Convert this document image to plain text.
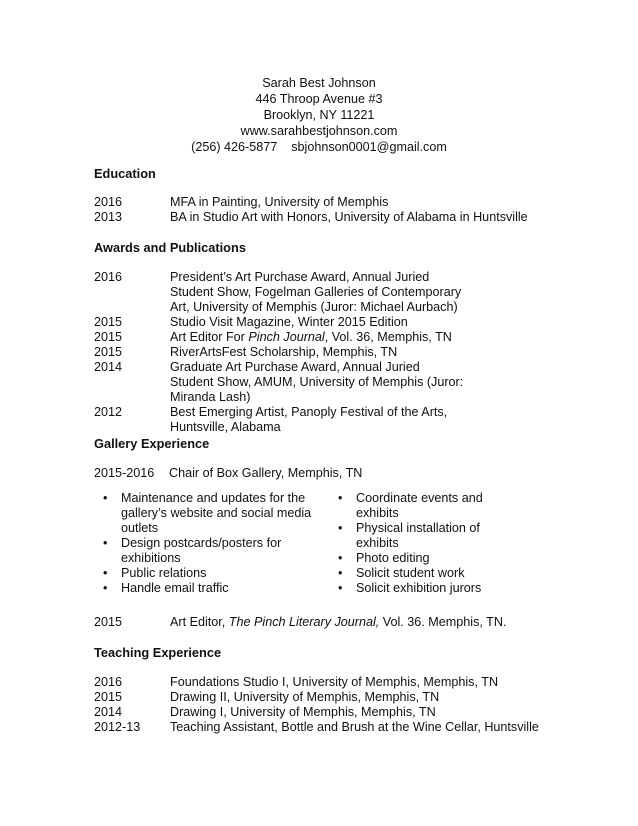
Sarah Best Johnson
446 Throop Avenue #3
Brooklyn, NY 11221
www.sarahbestjohnson.com
(256) 426-5877 sbjohnson0001@gmail.com
Education
2016	MFA in Painting, University of Memphis
2013	BA in Studio Art with Honors, University of Alabama in Huntsville
Awards and Publications
2016	President’s Art Purchase Award, Annual Juried Student Show, Fogelman Galleries of Contemporary Art, University of Memphis (Juror: Michael Aurbach)
2015	Studio Visit Magazine, Winter 2015 Edition
2015	Art Editor For Pinch Journal, Vol. 36, Memphis, TN
2015	RiverArtsFest Scholarship, Memphis, TN
2014	Graduate Art Purchase Award, Annual Juried Student Show, AMUM, University of Memphis (Juror: Miranda Lash)
2012	Best Emerging Artist, Panoply Festival of the Arts, Huntsville, Alabama
Gallery Experience
2015-2016 Chair of Box Gallery, Memphis, TN
• Maintenance and updates for the gallery’s website and social media outlets
• Design postcards/posters for exhibitions
• Public relations
• Handle email traffic
• Coordinate events and exhibits
• Physical installation of exhibits
• Photo editing
• Solicit student work
• Solicit exhibition jurors
2015	Art Editor, The Pinch Literary Journal, Vol. 36. Memphis, TN.
Teaching Experience
2016	Foundations Studio I, University of Memphis, Memphis, TN
2015	Drawing II, University of Memphis, Memphis, TN
2014	Drawing I, University of Memphis, Memphis, TN
2012-13	Teaching Assistant, Bottle and Brush at the Wine Cellar, Huntsville
